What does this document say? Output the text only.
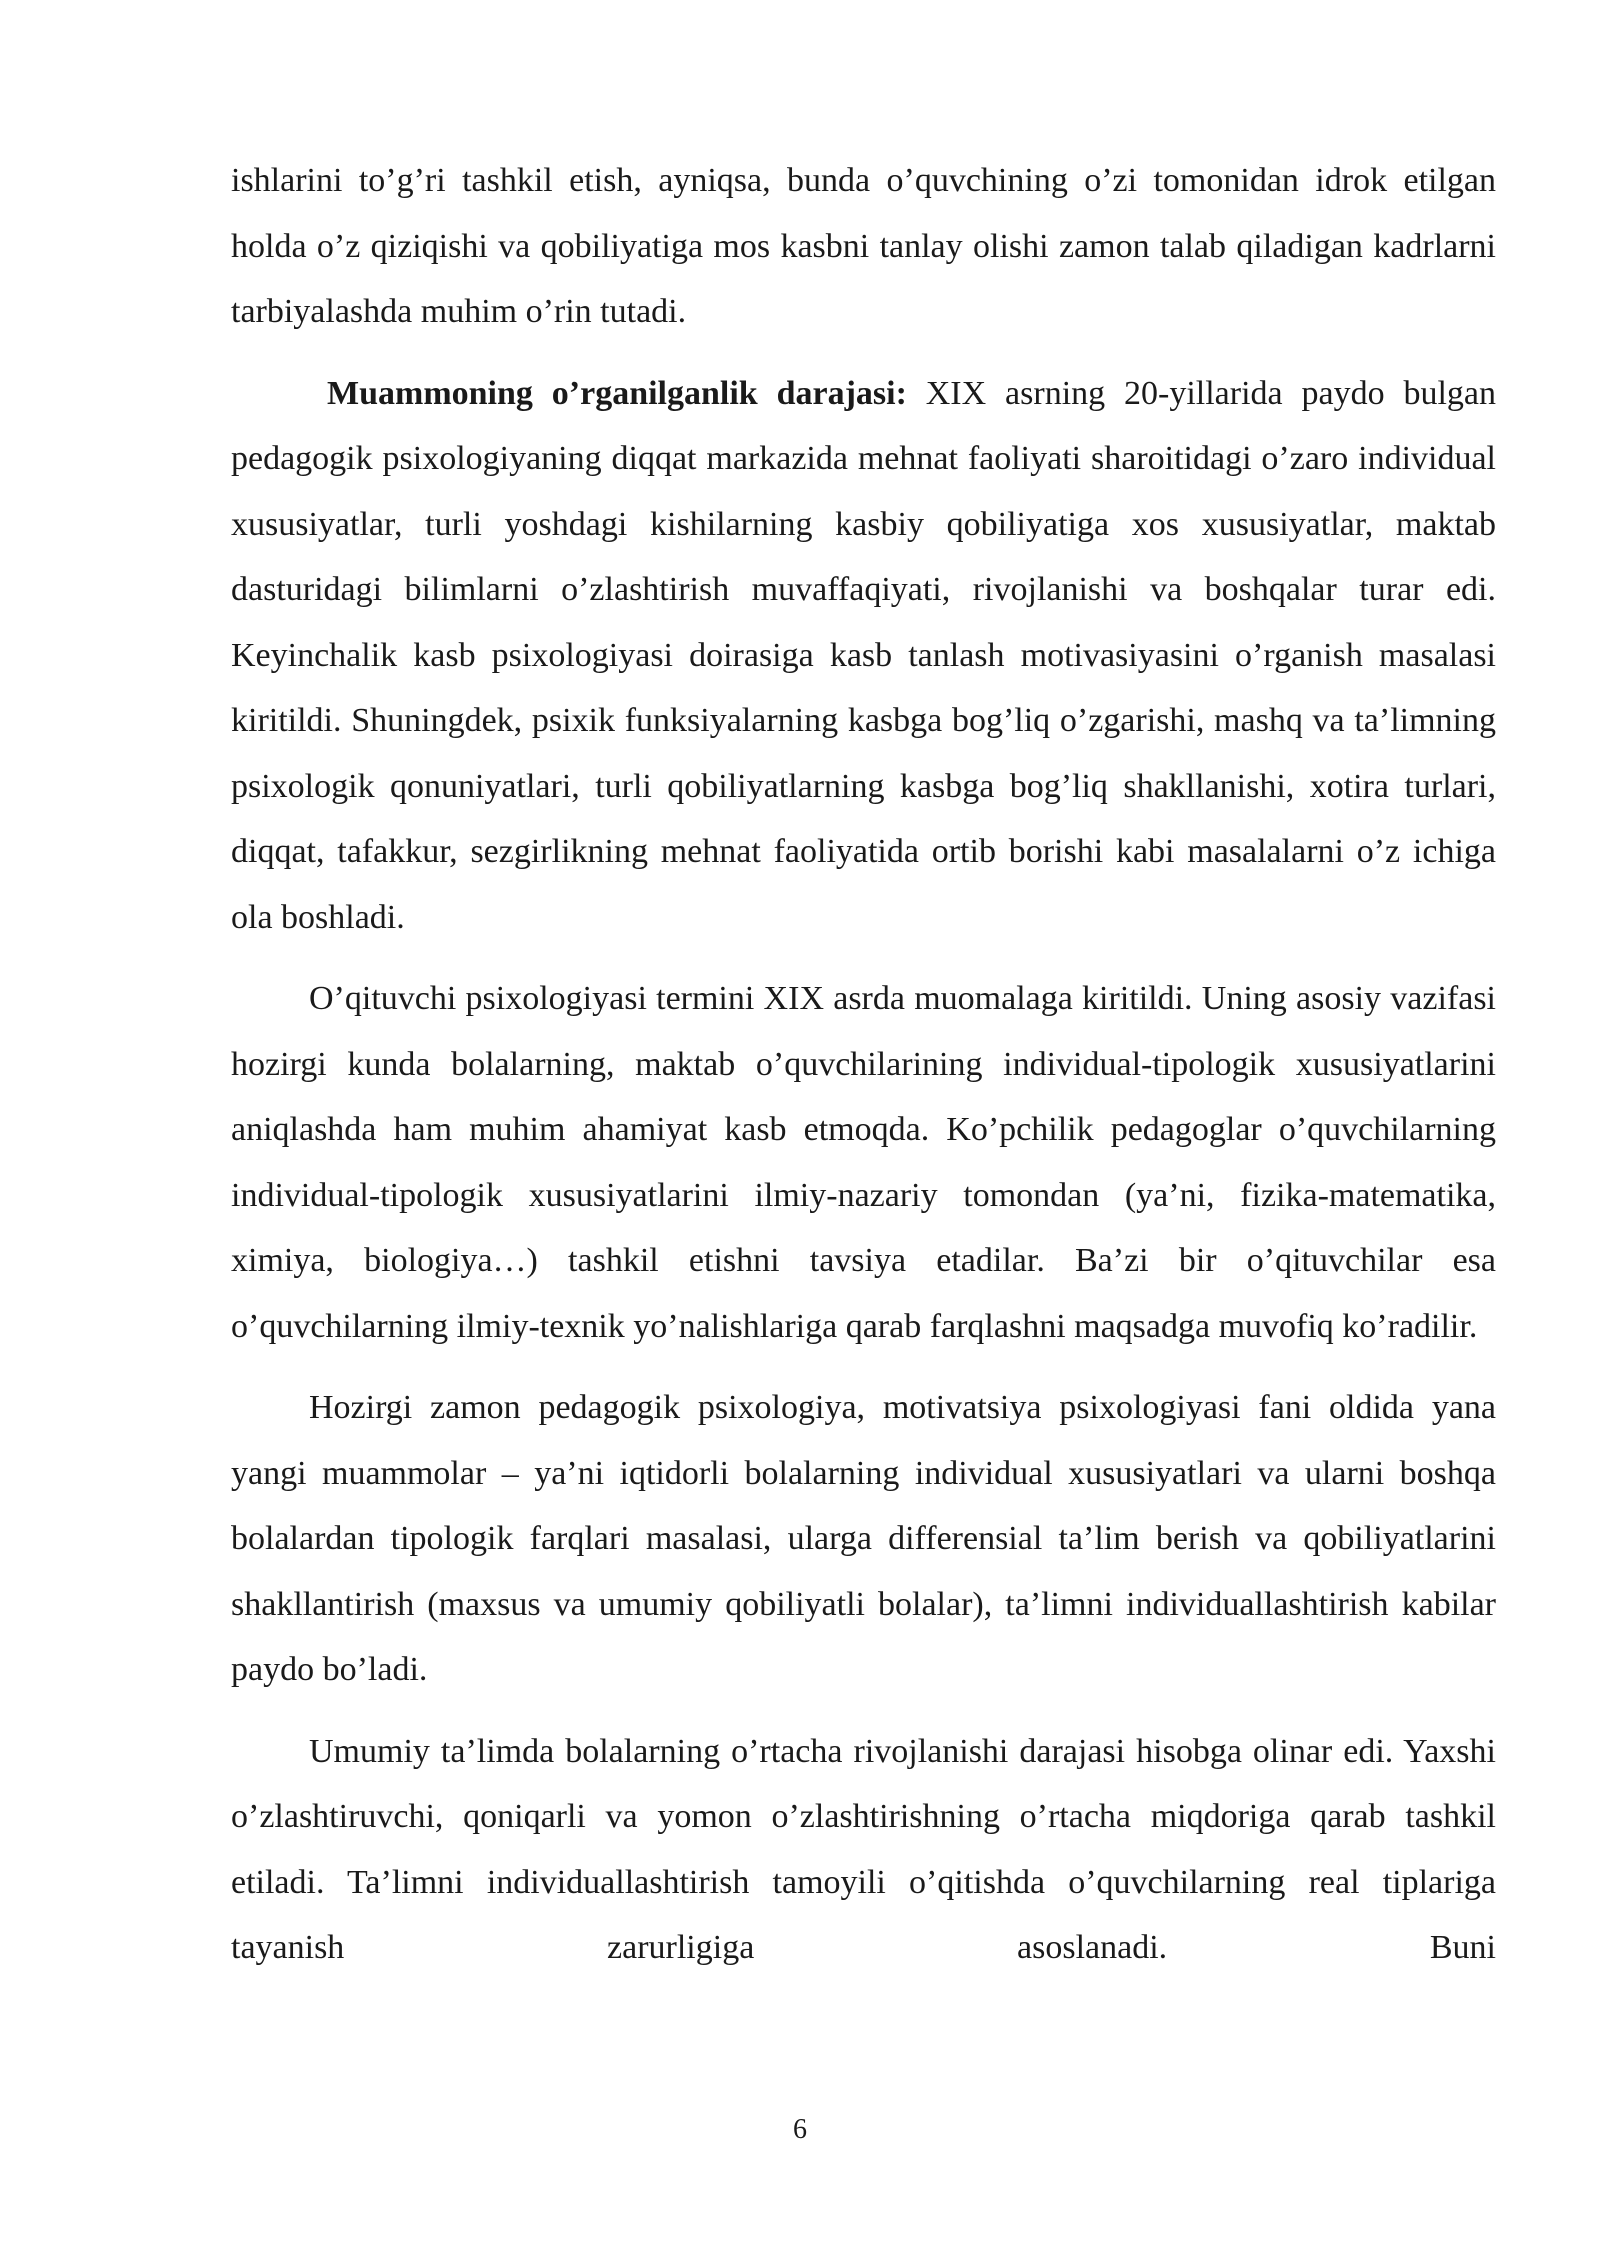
ishlarini to’g’ri tashkil etish, ayniqsa, bunda o’quvchining o’zi tomonidan idrok etilgan holda o’z qiziqishi va qobiliyatiga mos kasbni tanlay olishi zamon talab qiladigan kadrlarni tarbiyalashda muhim o’rin tutadi.

Muammoning o’rganilganlik darajasi: XIX asrning 20-yillarida paydo bulgan pedagogik psixologiyaning diqqat markazida mehnat faoliyati sharoitidagi o’zaro individual xususiyatlar, turli yoshdagi kishilarning kasbiy qobiliyatiga xos xususiyatlar, maktab dasturidagi bilimlarni o’zlashtirish muvaffaqiyati, rivojlanishi va boshqalar turar edi. Keyinchalik kasb psixologiyasi doirasiga kasb tanlash motivasiyasini o’rganish masalasi kiritildi. Shuningdek, psixik funksiyalarning kasbga bog’liq o’zgarishi, mashq va ta’limning psixologik qonuniyatlari, turli qobiliyatlarning kasbga bog’liq shakllanishi, xotira turlari, diqqat, tafakkur, sezgirlikning mehnat faoliyatida ortib borishi kabi masalalarni o’z ichiga ola boshladi.

O’qituvchi psixologiyasi termini XIX asrda muomalaga kiritildi. Uning asosiy vazifasi hozirgi kunda bolalarning, maktab o’quvchilarining individual-tipologik xususiyatlarini aniqlashda ham muhim ahamiyat kasb etmoqda. Ko’pchilik pedagoglar o’quvchilarning individual-tipologik xususiyatlarini ilmiy-nazariy tomondan (ya’ni, fizika-matematika, ximiya, biologiya…) tashkil etishni tavsiya etadilar. Ba’zi bir o’qituvchilar esa o’quvchilarning ilmiy-texnik yo’nalishlariga qarab farqlashni maqsadga muvofiq ko’radilir.

Hozirgi zamon pedagogik psixologiya, motivatsiya psixologiyasi fani oldida yana yangi muammolar – ya’ni iqtidorli bolalarning individual xususiyatlari va ularni boshqa bolalardan tipologik farqlari masalasi, ularga differensial ta’lim berish va qobiliyatlarini shakllantirish (maxsus va umumiy qobiliyatli bolalar), ta’limni individuallashtirish kabilar paydo bo’ladi.

Umumiy ta’limda bolalarning o’rtacha rivojlanishi darajasi hisobga olinar edi. Yaxshi o’zlashtiruvchi, qoniqarli va yomon o’zlashtirishning o’rtacha miqdoriga qarab tashkil etiladi. Ta’limni individuallashtirish tamoyili o’qitishda o’quvchilarning real tiplariga tayanish zarurligiga asoslanadi. Buni

6
